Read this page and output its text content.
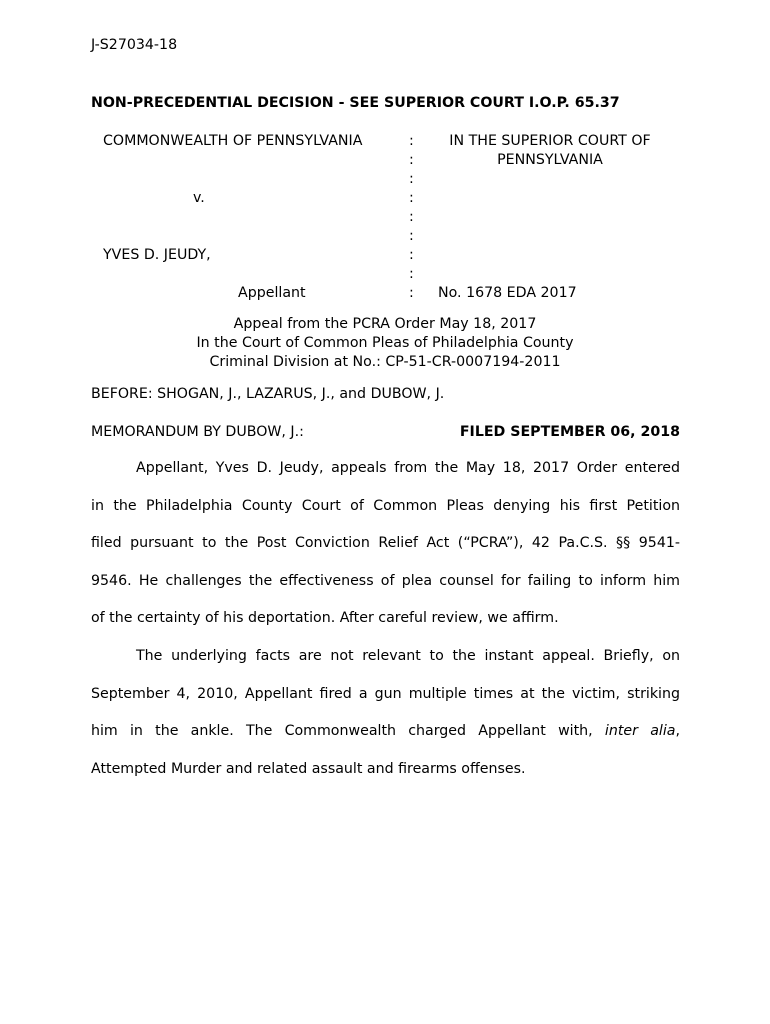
J-S27034-18
NON-PRECEDENTIAL DECISION - SEE SUPERIOR COURT I.O.P. 65.37
COMMONWEALTH OF PENNSYLVANIA
v.
YVES D. JEUDY,
Appellant
:
:
:
:
:
:
:
:
:
IN THE SUPERIOR COURT OF
PENNSYLVANIA
No. 1678 EDA 2017
Appeal from the PCRA Order May 18, 2017
In the Court of Common Pleas of Philadelphia County
Criminal Division at No.: CP-51-CR-0007194-2011
BEFORE: SHOGAN, J., LAZARUS, J., and DUBOW, J.
MEMORANDUM BY DUBOW, J.:	FILED SEPTEMBER 06, 2018
Appellant, Yves D. Jeudy, appeals from the May 18, 2017 Order entered
in the Philadelphia County Court of Common Pleas denying his first Petition
filed pursuant to the Post Conviction Relief Act (“PCRA”), 42 Pa.C.S. §§ 9541-
9546. He challenges the effectiveness of plea counsel for failing to inform him
of the certainty of his deportation. After careful review, we affirm.
The underlying facts are not relevant to the instant appeal. Briefly, on
September 4, 2010, Appellant fired a gun multiple times at the victim, striking
him in the ankle. The Commonwealth charged Appellant with, inter alia,
Attempted Murder and related assault and firearms offenses.
